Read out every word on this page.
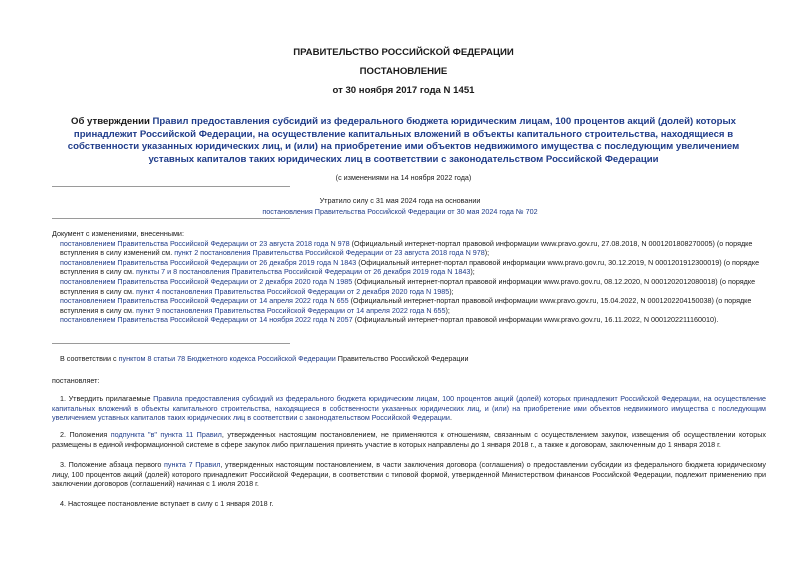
ПРАВИТЕЛЬСТВО РОССИЙСКОЙ ФЕДЕРАЦИИ
ПОСТАНОВЛЕНИЕ
от 30 ноября 2017 года N 1451
Об утверждении Правил предоставления субсидий из федерального бюджета юридическим лицам, 100 процентов акций (долей) которых принадлежит Российской Федерации, на осуществление капитальных вложений в объекты капитального строительства, находящиеся в собственности указанных юридических лиц, и (или) на приобретение ими объектов недвижимого имущества с последующим увеличением уставных капиталов таких юридических лиц в соответствии с законодательством Российской Федерации
(с изменениями на 14 ноября 2022 года)
Утратило силу с 31 мая 2024 года на основании
постановления Правительства Российской Федерации от 30 мая 2024 года № 702

Документ с изменениями, внесенными:

постановлением Правительства Российской Федерации от 23 августа 2018 года N 978 (Официальный интернет-портал правовой информации www.pravo.gov.ru, 27.08.2018, N 0001201808270005) (о порядке вступления в силу изменений см. пункт 2 постановления Правительства Российской Федерации от 23 августа 2018 года N 978);

постановлением Правительства Российской Федерации от 26 декабря 2019 года N 1843 (Официальный интернет-портал правовой информации www.pravo.gov.ru, 30.12.2019, N 0001201912300019) (о порядке вступления в силу см. пункты 7 и 8 постановления Правительства Российской Федерации от 26 декабря 2019 года N 1843);

постановлением Правительства Российской Федерации от 2 декабря 2020 года N 1985 (Официальный интернет-портал правовой информации www.pravo.gov.ru, 08.12.2020, N 0001202012080018) (о порядке вступления в силу см. пункт 4 постановления Правительства Российской Федерации от 2 декабря 2020 года N 1985);

постановлением Правительства Российской Федерации от 14 апреля 2022 года N 655 (Официальный интернет-портал правовой информации www.pravo.gov.ru, 15.04.2022, N 0001202204150038) (о порядке вступления в силу см. пункт 9 постановления Правительства Российской Федерации от 14 апреля 2022 года N 655);

постановлением Правительства Российской Федерации от 14 ноября 2022 года N 2057 (Официальный интернет-портал правовой информации www.pravo.gov.ru, 16.11.2022, N 0001202211160010).

В соответствии с пунктом 8 статьи 78 Бюджетного кодекса Российской Федерации Правительство Российской Федерации
постановляет:
1. Утвердить прилагаемые Правила предоставления субсидий из федерального бюджета юридическим лицам, 100 процентов акций (долей) которых принадлежит Российской Федерации, на осуществление капитальных вложений в объекты капитального строительства, находящиеся в собственности указанных юридических лиц, и (или) на приобретение ими объектов недвижимого имущества с последующим увеличением уставных капиталов таких юридических лиц в соответствии с законодательством Российской Федерации.
2. Положения подпункта "в" пункта 11 Правил, утвержденных настоящим постановлением, не применяются к отношениям, связанным с осуществлением закупок, извещения об осуществлении которых размещены в единой информационной системе в сфере закупок либо приглашения принять участие в которых направлены до 1 января 2018 г., а также к договорам, заключенным до 1 января 2018 г.
3. Положение абзаца первого пункта 7 Правил, утвержденных настоящим постановлением, в части заключения договора (соглашения) о предоставлении субсидии из федерального бюджета юридическому лицу, 100 процентов акций (долей) которого принадлежит Российской Федерации, в соответствии с типовой формой, утвержденной Министерством финансов Российской Федерации, подлежит применению при заключении договоров (соглашений) начиная с 1 июля 2018 г.
4. Настоящее постановление вступает в силу с 1 января 2018 г.
